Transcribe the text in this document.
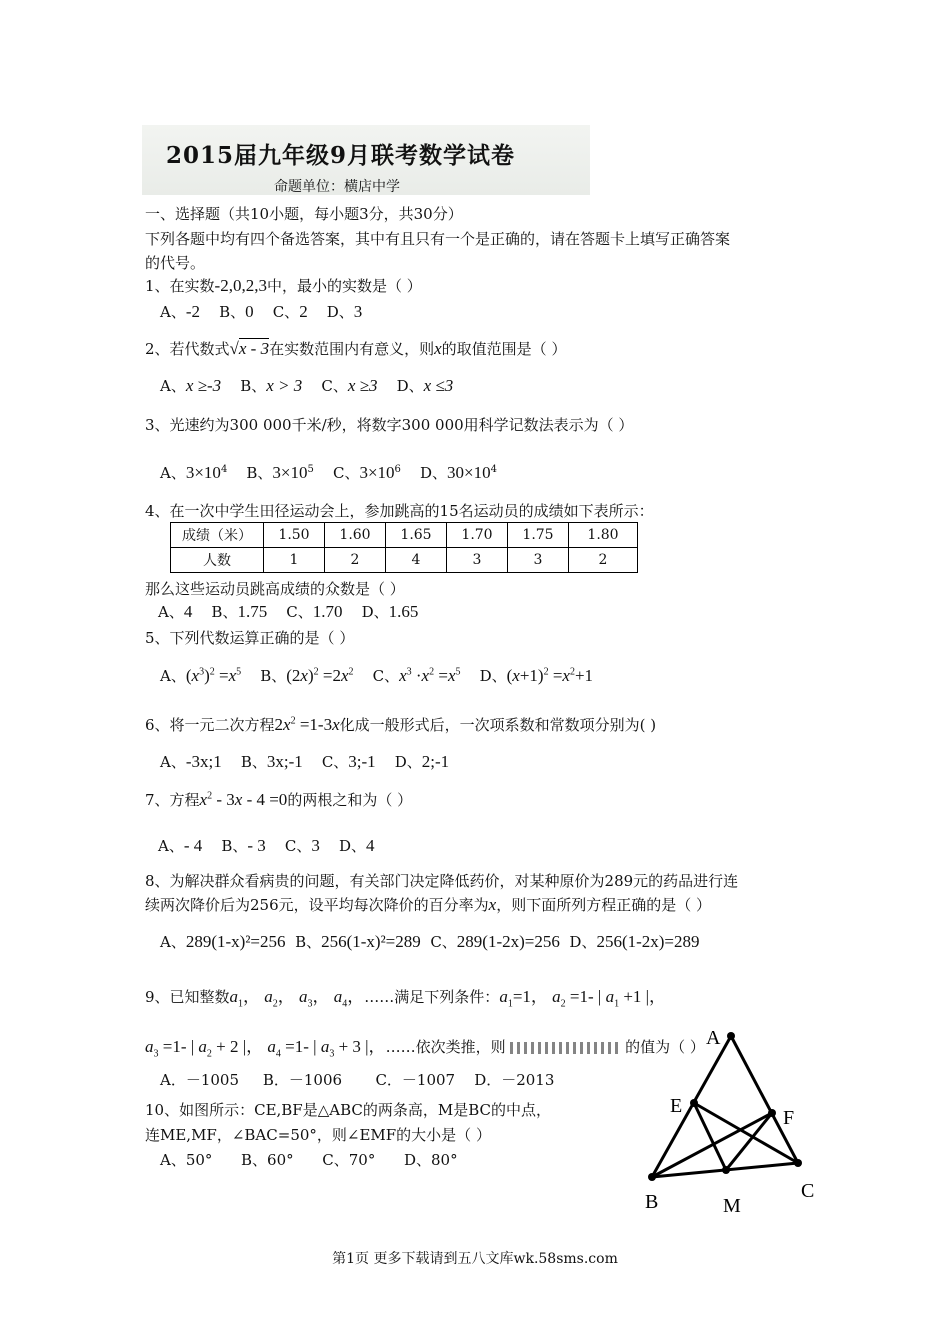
2015届九年级9月联考数学试卷
命题单位：横店中学
一、选择题（共10小题，每小题3分，共30分）
下列各题中均有四个备选答案，其中有且只有一个是正确的，请在答题卡上填写正确答案
的代号。
1、在实数-2,0,2,3中，最小的实数是（ ）
A、-2 B、0 C、2 D、3
2、若代数式√x - 3在实数范围内有意义，则x的取值范围是（ ）
A、x ≥-3 B、x > 3 C、x ≥3 D、x ≤3
3、光速约为300 000千米/秒，将数字300 000用科学记数法表示为（ ）
A、$3\times 10^4$ B、$3\times 10^5$ C、$3\times 10^6$ D、$30\times 10^4$
4、在一次中学生田径运动会上，参加跳高的15名运动员的成绩如下表所示：
成绩（米）	1.50	1.60	1.65	1.70	1.75	1.80
人数	1	2	4	3	3	2
那么这些运动员跳高成绩的众数是（ ）
A、4 B、1.75 C、1.70 D、1.65
5、下列代数运算正确的是（ ）
A、$(x^3)^2 =x^5$ B、$(2x)^2 =2x^2$ C、$x^3 \cdot x^2 =x^5$ D、$(x+1)^2 =x^2+1$
6、将一元二次方程$2x^2 =1-3x$化成一般形式后，一次项系数和常数项分别为( )
A、-3x;1 B、3x;-1 C、3;-1 D、2;-1
7、方程$x^2 - 3x - 4 =0$的两根之和为（ ）
A、- 4 B、- 3 C、3 D、4
8、为解决群众看病贵的问题，有关部门决定降低药价，对某种原价为289元的药品进行连
续两次降价后为256元，设平均每次降价的百分率为x，则下面所列方程正确的是（ ）
A、289(1-x)²=256 B、256(1-x)²=289 C、289(1-2x)=256 D、256(1-2x)=289
9、已知整数$a_1$， $a_2$， $a_3$， $a_4$，……满足下列条件：$a_1=1$， $a_2 =1-$ | $a_1 +1$ |，
$a_3 =1-$ | $a_2 + 2$ |， $a_4 =1-$ | $a_3 + 3$ |，……依次类推，则	的值为（ ）
A．－1005 B．－1006 C．－1007 D．－2013
10、如图所示：CE,BF是△ABC的两条高，M是BC的中点，
连ME,MF，∠BAC=50°，则∠EMF的大小是（ ）
A、50° B、60° C、70° D、80°
A
E
F
B	M
C
第1页 更多下载请到五八文库wk.58sms.com
